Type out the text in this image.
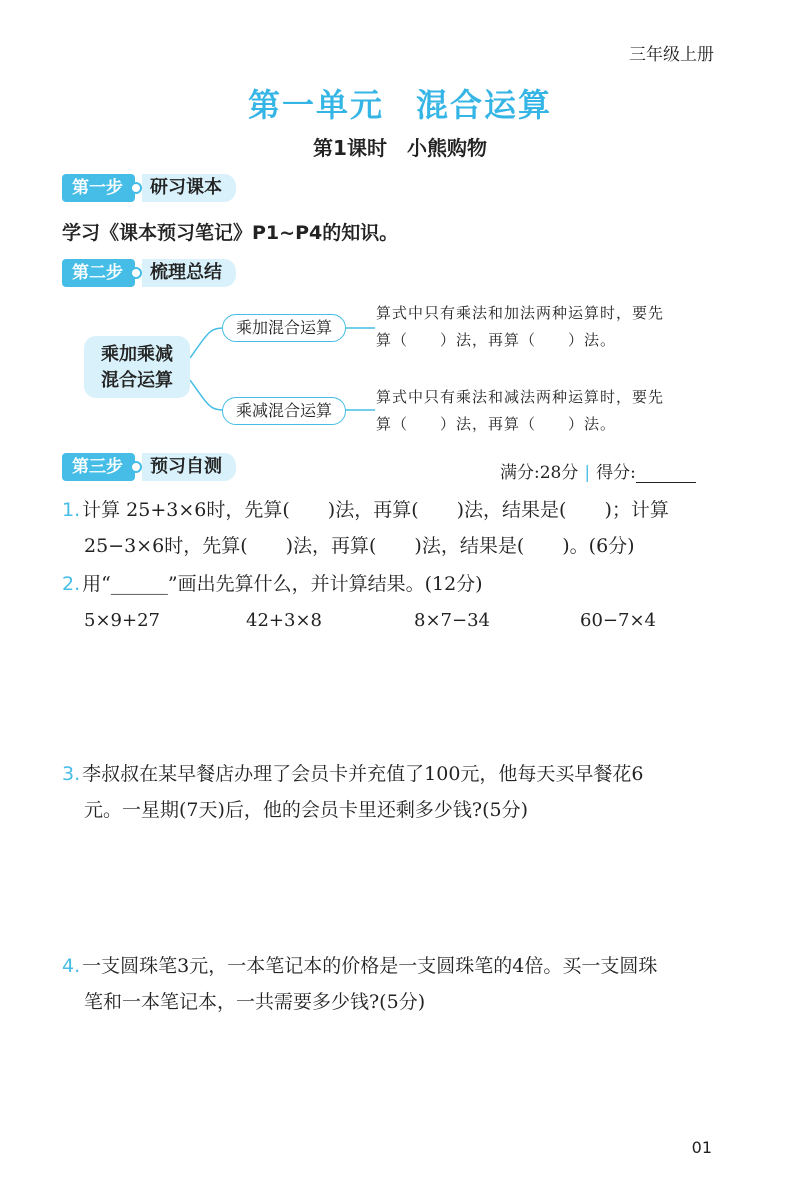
三年级上册
第一单元 混合运算
第1课时 小熊购物
第一步	研习课本
学习《课本预习笔记》P1~P4的知识。
第二步	梳理总结
乘加乘减
混合运算
乘加混合运算
乘减混合运算
算式中只有乘法和加法两种运算时，要先
算（　　）法，再算（　　）法。
算式中只有乘法和减法两种运算时，要先
算（　　）法，再算（　　）法。
第三步	预习自测	满分:28分 | 得分:
1. 计算 25+3×6时，先算(　　)法，再算(　　)法，结果是(　　)；计算
25−3×6时，先算(　　)法，再算(　　)法，结果是(　　)。(6分)
2. 用“______”画出先算什么，并计算结果。(12分)
5×9+27	42+3×8	8×7−34	60−7×4
3. 李叔叔在某早餐店办理了会员卡并充值了100元，他每天买早餐花6
元。一星期(7天)后，他的会员卡里还剩多少钱?(5分)
4. 一支圆珠笔3元，一本笔记本的价格是一支圆珠笔的4倍。买一支圆珠
笔和一本笔记本，一共需要多少钱?(5分)
01
